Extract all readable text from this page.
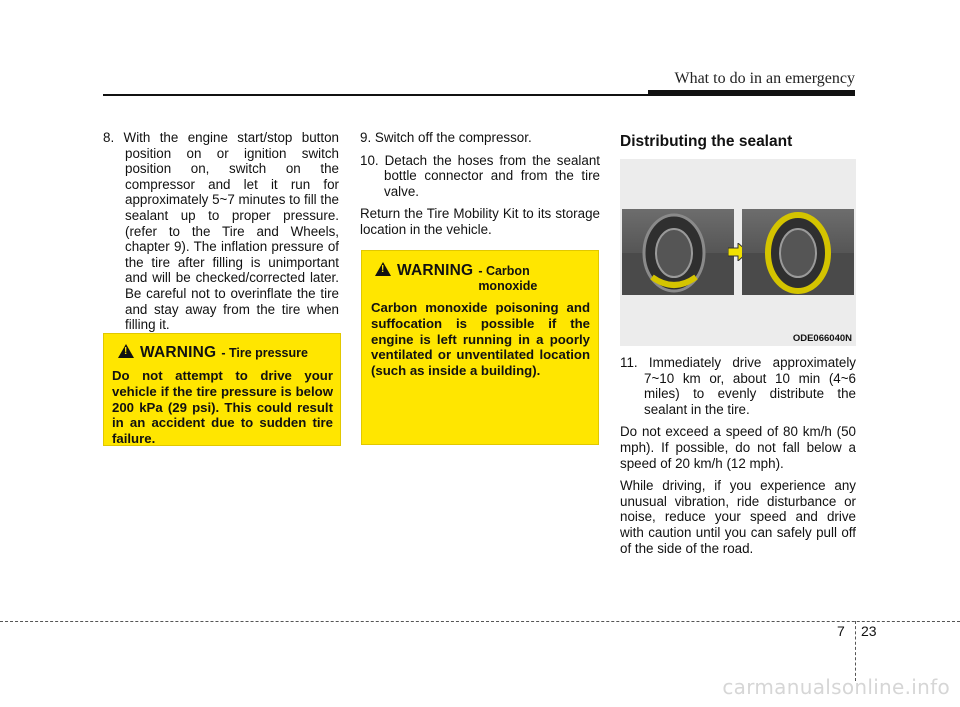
What to do in an emergency

8. With the engine start/stop button position on or ignition switch position on, switch on the compressor and let it run for approximately 5~7 minutes to fill the sealant up to proper pressure. (refer to the Tire and Wheels, chapter 9). The inflation pressure of the tire after filling is unimportant and will be checked/corrected later. Be careful not to overinflate the tire and stay away from the tire when filling it.

!
WARNING - Tire pressure
Do not attempt to drive your vehicle if the tire pressure is below 200 kPa (29 psi). This could result in an accident due to sudden tire failure.

9. Switch off the compressor.

10. Detach the hoses from the sealant bottle connector and from the tire valve.

Return the Tire Mobility Kit to its storage location in the vehicle.

!
WARNING - Carbon monoxide
Carbon monoxide poisoning and suffocation is possible if the engine is left running in a poorly ventilated or unventilated location (such as inside a building).
Distributing the sealant
ODE066040N

11. Immediately drive approximately 7~10 km or, about 10 min (4~6 miles) to evenly distribute the sealant in the tire.

Do not exceed a speed of 80 km/h (50 mph). If possible, do not fall below a speed of 20 km/h (12 mph).

While driving, if you experience any unusual vibration, ride disturbance or noise, reduce your speed and drive with caution until you can safely pull off of the side of the road.

7 23
carmanualsonline.info
